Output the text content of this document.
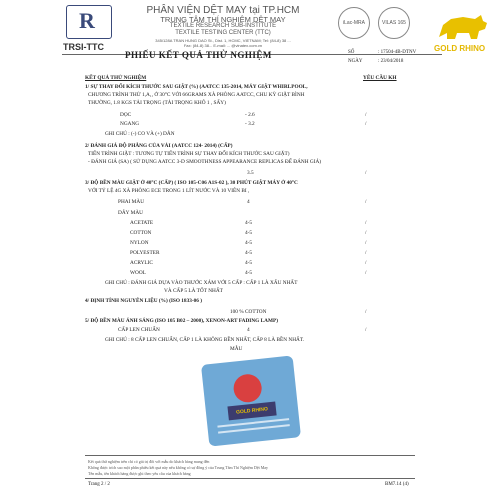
R
TRSI-TTC
PHÂN VIỆN DỆT MAY tại TP.HCM
TRUNG TÂM THÍ NGHIỆM DỆT MAY
TEXTILE RESEARCH SUB-INSTITUTE
TEXTILE TESTING CENTER (TTC)
345/128A TRAN HUNG DAO St., Dist. 1, HCMC, VIETNAM; Tel: (84-8) 38 ...
Fax: (84-8) 38... E-mail: ... @vinatex.com.vn
iLac-MRA	VILAS 165
GOLD RHINO
PHIẾU KẾT QUẢ THỬ NGHIỆM	SỐ	: 17504-4B-DTNV
NGÀY	: 23/04/2018
KẾT QUẢ THỬ NGHIỆM	YÊU CẦU KH
1/ SỰ THAY ĐỔI KÍCH THƯỚC SAU GIẶT (%) (AATCC 135-2014, MÁY GIẶT WHIRLPOOL,
CHƯƠNG TRÌNH THỬ 1,A₁, Ở 30°C VỚI 66GRAMS XÀ PHÒNG AATCC, CHU KỲ GIẶT BÌNH
THƯỜNG, 1.8 KGS TẢI TRỌNG (TẢI TRỌNG KHÔ 1 , SẤY)
DỌC	- 2.6	/
NGANG	- 3.2	/
GHI CHÚ : (-) CO VÀ (+) DÃN
2/ ĐÁNH GIÁ ĐỘ PHẲNG CỦA VẢI (AATCC 124- 2014) (CẤP)
TIẾN TRÌNH GIẶT : TƯƠNG TỰ TIẾN TRÌNH SỰ THAY ĐỔI KÍCH THƯỚC SAU GIẶT)
- ĐÁNH GIÁ (SA) ( SỬ DỤNG AATCC 3-D SMOOTHNESS APPEARANCE REPLICAS ĐỂ ĐÁNH GIÁ)
3.5	/
3/ ĐỘ BỀN MÀU GIẶT Ở 40°C (CẤP) ( ISO 105-C06 A1S-02 ), 30 PHÚT GIẶT MÁY Ở 40°C
VỚI TỶ LỆ 4G XÀ PHÒNG ECE TRONG 1 LÍT NƯỚC VÀ 10 VIÊN BI ,
PHAI MÀU	4	/
DÂY MÀU
ACETATE	4-5	/
COTTON	4-5	/
NYLON	4-5	/
POLYESTER	4-5	/
ACRYLIC	4-5	/
WOOL	4-5	/
GHI CHÚ : ĐÁNH GIÁ DỰA VÀO THƯỚC XÁM VỚI 5 CẤP : CẤP 1 LÀ XẤU NHẤT
VÀ CẤP 5 LÀ TỐT NHẤT
4/ ĐỊNH TÍNH NGUYÊN LIỆU (%) (ISO 1833-06 )
100 % COTTON	/
5/ ĐỘ BỀN MÀU ÁNH SÁNG (ISO 105 B02 – 2000), XENON-ART FADING LAMP)
CẤP LEN CHUẨN	4	/
GHI CHÚ : 8 CẤP LEN CHUẨN, CẤP 1 LÀ KHÔNG BỀN NHẤT, CẤP 8 LÀ BỀN NHẤT.
MẪU
GOLD RHINO
Kết quả thử nghiệm trên chỉ có giá trị đối với mẫu do khách hàng mang đến
Không được trích sao một phần phiếu kết quả này nếu không có sự đồng ý của Trung Tâm Thí Nghiệm Dệt May
Tên mẫu, tên khách hàng được ghi theo yêu cầu của khách hàng
Trang 2 / 2	BM7.14 (4)
